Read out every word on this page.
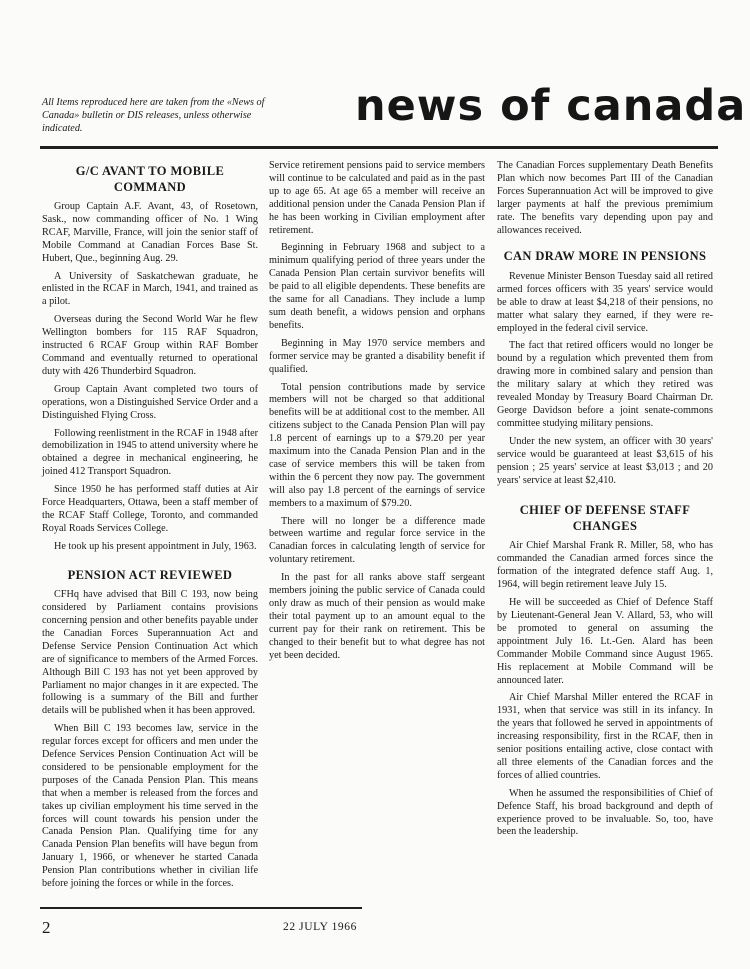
All Items reproduced here are taken from the «News of Canada» bulletin or DIS releases, unless otherwise indicated.	news of canada
G/C AVANT TO MOBILE COMMAND

Group Captain A.F. Avant, 43, of Rosetown, Sask., now commanding officer of No. 1 Wing RCAF, Marville, France, will join the senior staff of Mobile Command at Canadian Forces Base St. Hubert, Que., beginning Aug. 29.

A University of Saskatchewan graduate, he enlisted in the RCAF in March, 1941, and trained as a pilot.

Overseas during the Second World War he flew Wellington bombers for 115 RAF Squadron, instructed 6 RCAF Group within RAF Bomber Command and eventually returned to operational duty with 426 Thunderbird Squadron.

Group Captain Avant completed two tours of operations, won a Distinguished Service Order and a Distinguished Flying Cross.

Following reenlistment in the RCAF in 1948 after demobilization in 1945 to attend university where he obtained a degree in mechanical engineering, he joined 412 Transport Squadron.

Since 1950 he has performed staff duties at Air Force Headquarters, Ottawa, been a staff member of the RCAF Staff College, Toronto, and commanded Royal Roads Services College.

He took up his present appointment in July, 1963.

PENSION ACT REVIEWED

CFHq have advised that Bill C 193, now being considered by Parliament contains provisions concerning pension and other benefits payable under the Canadian Forces Superannuation Act and Defense Service Pension Continuation Act which are of significance to members of the Armed Forces. Although Bill C 193 has not yet been approved by Parliament no major changes in it are expected. The following is a summary of the Bill and further details will be published when it has been approved.

When Bill C 193 becomes law, service in the regular forces except for officers and men under the Defence Services Pension Continuation Act will be considered to be pensionable employment for the purposes of the Canada Pension Plan. This means that when a member is released from the forces and takes up civilian employment his time served in the forces will count towards his pension under the Canada Pension Plan. Qualifying time for any Canada Pension Plan benefits will have begun from January 1, 1966, or whenever he started Canada Pension Plan contributions whether in civilian life before joining the forces or while in the forces.

Service retirement pensions paid to service members will continue to be calculated and paid as in the past up to age 65. At age 65 a member will receive an additional pension under the Canada Pension Plan if he has been working in Civilian employment after retirement.

Beginning in February 1968 and subject to a minimum qualifying period of three years under the Canada Pension Plan certain survivor benefits will be paid to all eligible dependents. These benefits are the same for all Canadians. They include a lump sum death benefit, a widows pension and orphans benefits.

Beginning in May 1970 service members and former service may be granted a disability benefit if qualified.

Total pension contributions made by service members will not be charged so that additional benefits will be at additional cost to the member. All citizens subject to the Canada Pension Plan will pay 1.8 percent of earnings up to a $79.20 per year maximum into the Canada Pension Plan and in the case of service members this will be taken from within the 6 percent they now pay. The government will also pay 1.8 percent of the earnings of service members to a maximum of $79.20.

There will no longer be a difference made between wartime and regular force service in the Canadian forces in calculating length of service for voluntary retirement.

In the past for all ranks above staff sergeant members joining the public service of Canada could only draw as much of their pension as would make their total payment up to an amount equal to the current pay for their rank on retirement. This be changed to their benefit but to what degree has not yet been decided.

The Canadian Forces supplementary Death Benefits Plan which now becomes Part III of the Canadian Forces Superannuation Act will be improved to give larger payments at half the previous premimium rate. The benefits vary depending upon pay and allowances received.

CAN DRAW MORE IN PENSIONS

Revenue Minister Benson Tuesday said all retired armed forces officers with 35 years' service would be able to draw at least $4,218 of their pensions, no matter what salary they earned, if they were re-employed in the federal civil service.

The fact that retired officers would no longer be bound by a regulation which prevented them from drawing more in combined salary and pension than the military salary at which they retired was revealed Monday by Treasury Board Chairman Dr. George Davidson before a joint senate-commons committee studying military pensions.

Under the new system, an officer with 30 years' service would be guaranteed at least $3,615 of his pension ; 25 years' service at least $3,013 ; and 20 years' service at least $2,410.

CHIEF OF DEFENSE STAFF CHANGES

Air Chief Marshal Frank R. Miller, 58, who has commanded the Canadian armed forces since the formation of the integrated defence staff Aug. 1, 1964, will begin retirement leave July 15.

He will be succeeded as Chief of Defence Staff by Lieutenant-General Jean V. Allard, 53, who will be promoted to general on assuming the appointment July 16. Lt.-Gen. Alard has been Commander Mobile Command since August 1965. His replacement at Mobile Command will be announced later.

Air Chief Marshal Miller entered the RCAF in 1931, when that service was still in its infancy. In the years that followed he served in appointments of increasing responsibility, first in the RCAF, then in senior positions entailing active, close contact with all three elements of the Canadian forces and the forces of allied countries.

When he assumed the responsibilities of Chief of Defence Staff, his broad background and depth of experience proved to be invaluable. So, too, have been the leadership.

2	22 JULY 1966
